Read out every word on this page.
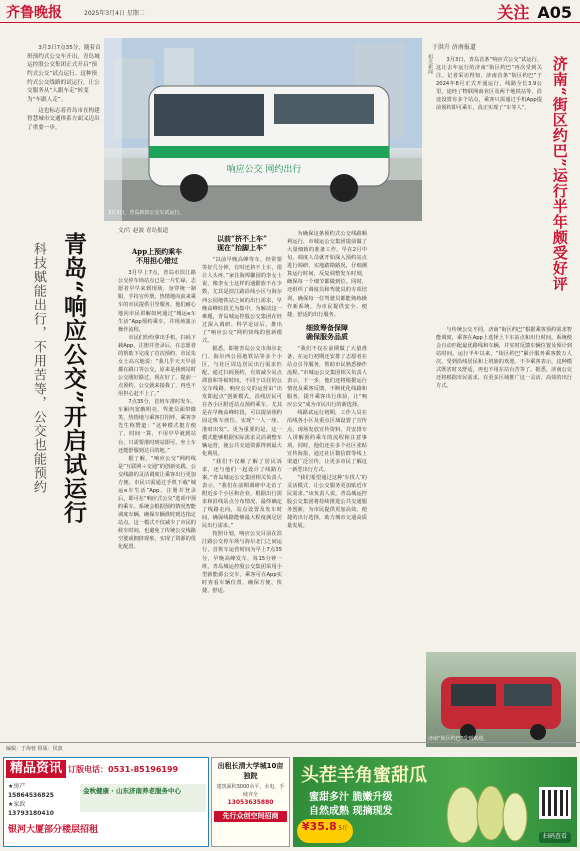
齐鲁晚报	2025年3月4日 星期二	关注 A05

3月3日7点35分，随着首班预约式公交车开出，青岛城运控股公交集团正式开启“预约式公交”试点运行。这种预约式公交线路的试运行，让公交服务从“人跟车走”转变为“车跟人走”。

这也标志着青岛市在构建智慧城市交通体系方面又迈出了重要一步。

响应公交 网约出行
3月3日，青岛新款公交车试运行。
青岛“响应公交”开启试运行
科技赋能出行，不用苦等，公交也能预约
文/片 赵波 青岛报道
App上预约乘车
不用担心错过

3月早上7点，青岛市滨江路公交停车场站点已是一片忙碌，志愿者早早来到现场，身穿统一制服，手持宣传册，热情地向前来乘车的市民提供引导服务，他们耐心地向市民讲解如何通过“城运e车生活”App预约乘车，并现场演示操作流程。

市民们纷纷拿出手机，扫码下载App，注册并登录后，在志愿者的帮助下完成了首次预约，市民朱女士高兴地说：“我几乎天天早晨都在路口等公交，原来是我到站时公交刚好路过。现在好了，提前一点预约，公交就来接我了，再也不用担心赶不上了。”

7点35分，首班车准时发车。车厢内宽敞明亮，驾驶员面带微笑，热情地与乘客打招呼，乘客李先生称赞道：“这种模式挺方便了，时间一算，不用早早就到站台，只需要准时到站即可，坐上车还能舒服到达目的地。”

据了解，“响应公交”网约线是“互联网＋交通”的创新实践。公交线路的灵活调度让乘客出行更加方便。市民只需通过手机下载“城运e车生活”App，注册并登录后，即可在“响应式公交”选项中预约乘车。系统会根据预约情况智能调度车辆，确保车辆准时到达指定站点。这一模式不仅减少了市民的候车时间，也避免了传统公交线路空驶或拥挤现象，实现了资源的优化配置。

以前“挤不上车”
现在“抬脚上车”

“以前早晚高峰等车，经常要等好几分钟，有时还挤不上车，很让人头疼。”家住海埠馨园的李女士说，像李女士这样的通勤族不在少数，尤其是滨江路沿线小区与海尔西公园地铁站之间的出行需求，早晚高峰时段尤为集中，为解决这一难题，青岛城运控股公交集团在经过深入调研、科学论证后，推出了“响应公交”网约快线的创新模式。

据悉，即将青岛公交市海尔北门、海尔西公园地铁站等多个小区，与社区周边居民出行需求匹配，通过扫码预约，有效减少站点滞留和等候时间。不同于以往的公交车线路，响应公交的运营由“出发即起点”创新模式，沿线居民可在各小区附近站点预约乘车，尤其是在早晚高峰时段，可以提前预约固定班车座位，实现“一人一座、准时出发”。更为重要的是，这一模式能够根据实际需求灵活调整车辆运营，使公共交通资源得到最大化利用。

“我们不仅解了解了居民诉求，还与他们一起设计了线路方案。”青岛城运公交集团相关负责人表示，“我们在前期调研中走访了附近多个小区和企业，根据出行需求和沿线站点分布情况，最终确定了线路走向，站点设置及发车时间，确保线路能够最大程度满足居民出行需求。”

按照计划，响应公交目前在滨江路公交停车场与海尔北门之间运行，首班车运营时间为早上7点35分，早晚高峰发车，每15分钟一班，青岛城运控股公交集团采用小型新能源公交车，乘客可在App实时查看车辆位置，确保方便、快捷、舒适。

为确保这条预约式公交线路顺利运行，市城运公交集团提前做了大量细致的准备工作。早在2月中旬，调度人员就开始深入预约站点进行调研，实地踏勘路况，仔细测算运行时间，反复调整发车时刻，确保每一个细节都做到位。同时，还组织了调度员和驾驶员的专项培训，确保每一位驾驶员都能熟练操作新系统，为市民提供安全、便捷、舒适的出行服务。

细致筹备保障
确保服务品质

“我们不仅在前期做了大量准备，在运行初期还安排了志愿者在站点引导服务，帮助市民熟悉操作流程。”市城运公交集团相关负责人表示，下一步，他们还将根据运行情况及乘客反馈，不断优化线路和服务，提升乘客出行体验，让“响应公交”成为市民出行的新选择。

线路试运行初期，工作人员在沿线各小区及重点区域设置了宣传点，现场发放宣传资料，并安排专人讲解预约乘车的流程和注意事项。同时，他们还在多个社区张贴宣传海报，通过社区微信群等线上渠道广泛宣传，让更多市民了解这一新型出行方式。

“我们希望通过这种‘车找人’的灵活模式，让公交服务更加贴近市民需求。”该负责人说。青岛城运控股公交集团将持续推进公共交通服务创新，为市民提供更加高效、便捷的出行选择，助力城市交通高质量发展。

于洪升 济南报道
相关新闻	济南“街区约巴”运行半年颇受好评

3月3日，青岛首条“响应式公交”试运行，这让去年运行的济南“街区约巴”再次受到关注。记者采访得知，济南首条“街区约巴”于2024年8月正式开通运行，线路全长3.9公里，途经了物联网商业区及两个地铁站等，沿途设置有多个站点，乘客只需通过手机App提前预约即可乘车，真正实现了“车等人”。

与传统公交不同，济南“街区约巴”根据乘客预约需求智能调度，乘客在App上选择上下车站点和出行时间，系统便会自动匹配最优路线和车辆，并实时反馈车辆位置及预计到站时间。运行半年以来，“街区约巴”累计服务乘客数万人次，受到沿线居民和上班族的欢迎。不少乘客表示，这种模式既省时又舒适，再也不用在站台苦等了。据悉，济南公交还将根据市民需求，在更多区域推广这一灵活、高效的出行方式。

济南“街区约巴”受到欢迎。
编辑：于海蓉 组版：侯波
精品资讯 订版电话：0531-85196199
★房产
15864536825
★家政
13793180410
金秋健康 · 山东济南养老服务中心
银河大厦部分楼层招租
出租长清大学城10亩独院
建筑面积3000余平，水电、手续齐全
13053635880
先行众创空间招商
头茬羊角蜜甜瓜
蜜甜多汁 脆嫩升级
自然成熟 现摘现发
¥35.8 5斤
扫码查看
